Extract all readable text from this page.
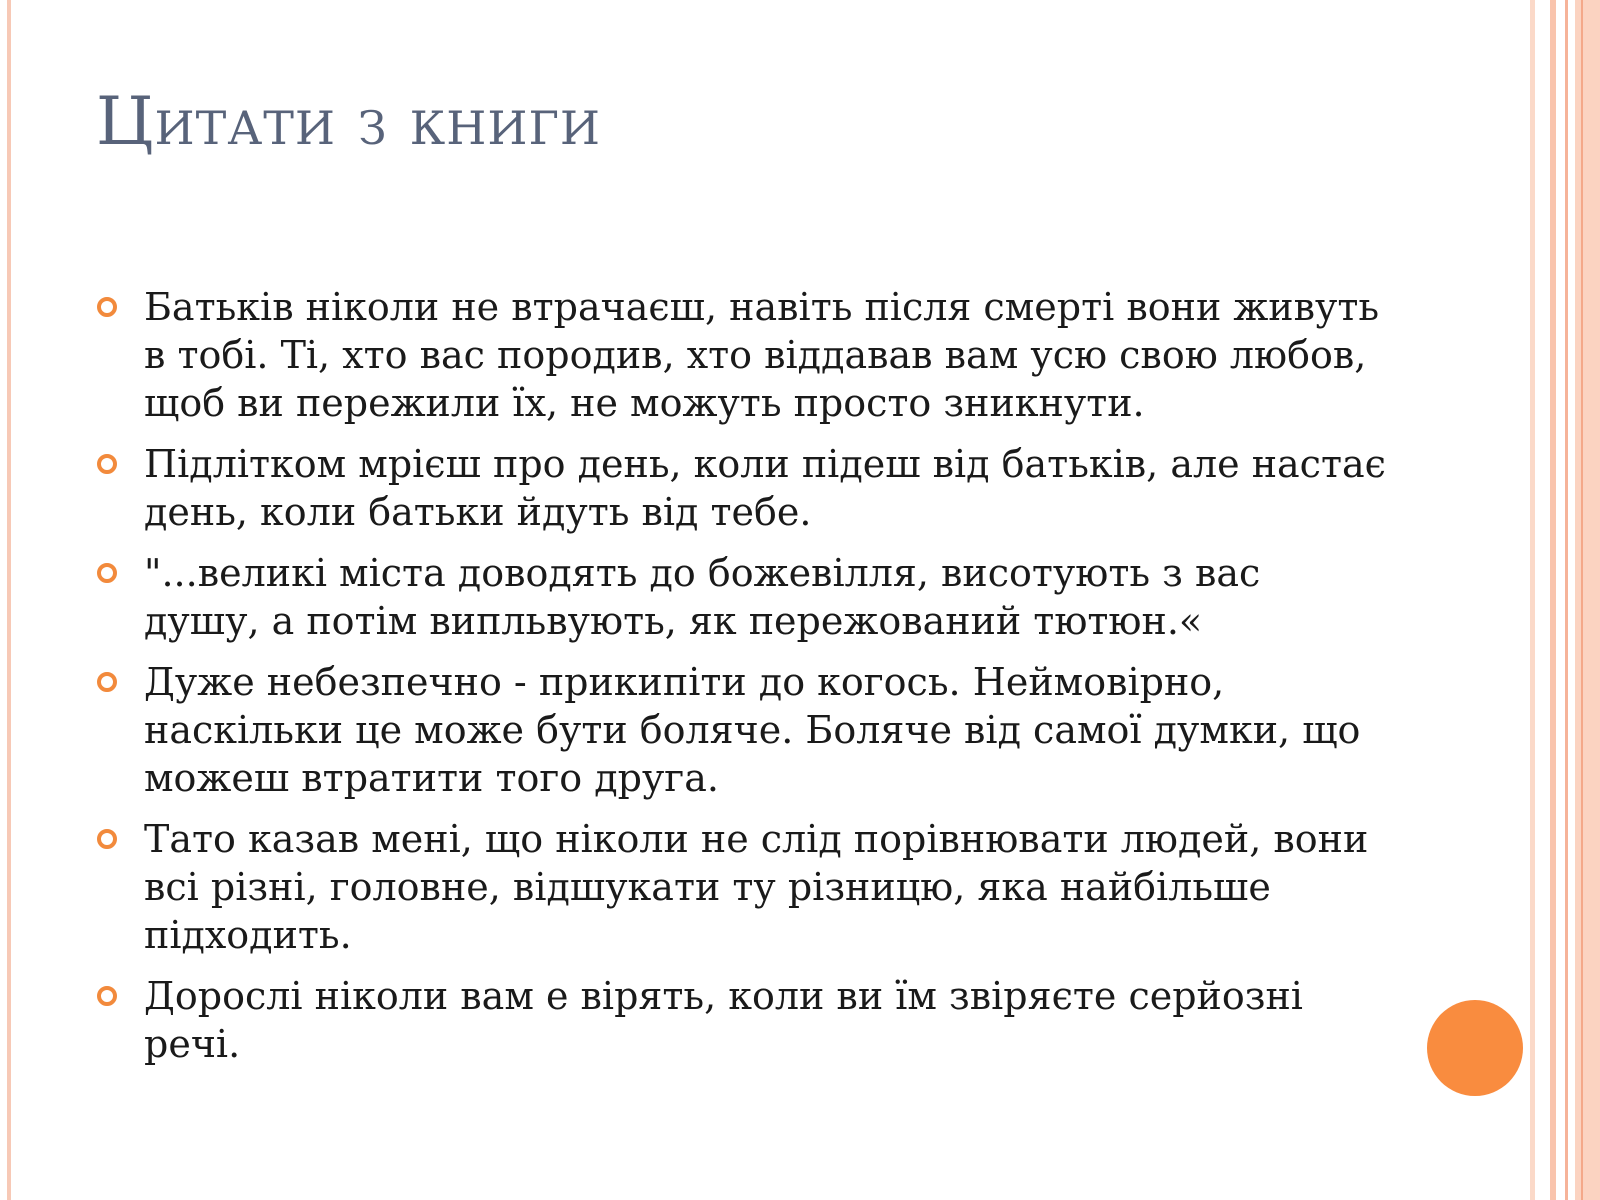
Цитати з книги
Батьків ніколи не втрачаєш, навіть після смерті вони живуть в тобі. Ті, хто вас породив, хто віддавав вам усю свою любов, щоб ви пережили їх, не можуть просто зникнути.
Підлітком мрієш про день, коли підеш від батьків, але настає день, коли батьки йдуть від тебе.
"...великі міста доводять до божевілля, висотують з вас душу, а потім випльвують, як пережований тютюн.«
Дуже небезпечно - прикипіти до когось. Неймовірно, наскільки це може бути боляче. Боляче від самої думки, що можеш втратити того друга.
Тато казав мені, що ніколи не слід порівнювати людей, вони всі різні, головне, відшукати ту різницю, яка найбільше підходить.
Дорослі ніколи вам е вірять, коли ви їм звіряєте серйозні речі.
